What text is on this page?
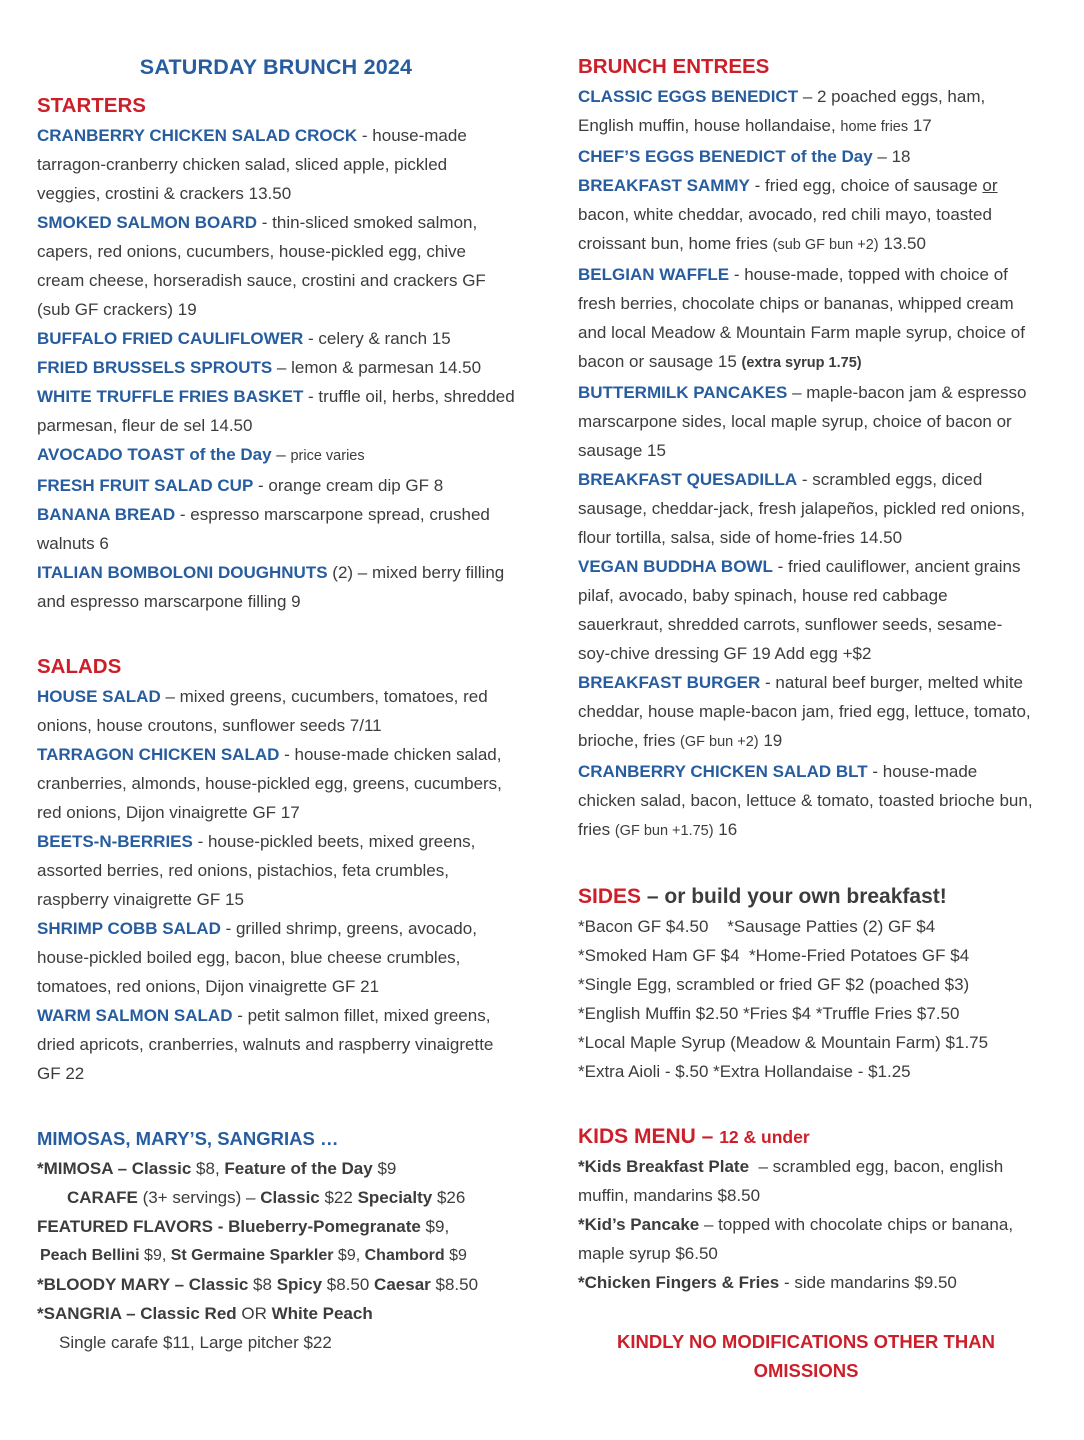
SATURDAY BRUNCH 2024
STARTERS
CRANBERRY CHICKEN SALAD CROCK - house-made tarragon-cranberry chicken salad, sliced apple, pickled veggies, crostini & crackers 13.50
SMOKED SALMON BOARD - thin-sliced smoked salmon, capers, red onions, cucumbers, house-pickled egg, chive cream cheese, horseradish sauce, crostini and crackers GF (sub GF crackers) 19
BUFFALO FRIED CAULIFLOWER - celery & ranch 15
FRIED BRUSSELS SPROUTS – lemon & parmesan 14.50
WHITE TRUFFLE FRIES BASKET - truffle oil, herbs, shredded parmesan, fleur de sel 14.50
AVOCADO TOAST of the Day – price varies
FRESH FRUIT SALAD CUP - orange cream dip GF 8
BANANA BREAD - espresso marscarpone spread, crushed walnuts 6
ITALIAN BOMBOLONI DOUGHNUTS (2) – mixed berry filling and espresso marscarpone filling 9
SALADS
HOUSE SALAD – mixed greens, cucumbers, tomatoes, red onions, house croutons, sunflower seeds 7/11
TARRAGON CHICKEN SALAD - house-made chicken salad, cranberries, almonds, house-pickled egg, greens, cucumbers, red onions, Dijon vinaigrette GF 17
BEETS-N-BERRIES - house-pickled beets, mixed greens, assorted berries, red onions, pistachios, feta crumbles, raspberry vinaigrette GF 15
SHRIMP COBB SALAD - grilled shrimp, greens, avocado, house-pickled boiled egg, bacon, blue cheese crumbles, tomatoes, red onions, Dijon vinaigrette GF 21
WARM SALMON SALAD - petit salmon fillet, mixed greens, dried apricots, cranberries, walnuts and raspberry vinaigrette GF 22
MIMOSAS, MARY’S, SANGRIAS …
*MIMOSA – Classic $8, Feature of the Day $9
CARAFE (3+ servings) – Classic $22 Specialty $26
FEATURED FLAVORS - Blueberry-Pomegranate $9,
Peach Bellini $9, St Germaine Sparkler $9, Chambord $9
*BLOODY MARY – Classic $8 Spicy $8.50 Caesar $8.50
*SANGRIA – Classic Red OR White Peach
Single carafe $11, Large pitcher $22
BRUNCH ENTREES
CLASSIC EGGS BENEDICT – 2 poached eggs, ham, English muffin, house hollandaise, home fries 17
CHEF’S EGGS BENEDICT of the Day – 18
BREAKFAST SAMMY - fried egg, choice of sausage or bacon, white cheddar, avocado, red chili mayo, toasted croissant bun, home fries (sub GF bun +2) 13.50
BELGIAN WAFFLE - house-made, topped with choice of fresh berries, chocolate chips or bananas, whipped cream and local Meadow & Mountain Farm maple syrup, choice of bacon or sausage 15 (extra syrup 1.75)
BUTTERMILK PANCAKES – maple-bacon jam & espresso marscarpone sides, local maple syrup, choice of bacon or sausage 15
BREAKFAST QUESADILLA - scrambled eggs, diced sausage, cheddar-jack, fresh jalapeños, pickled red onions, flour tortilla, salsa, side of home-fries 14.50
VEGAN BUDDHA BOWL - fried cauliflower, ancient grains pilaf, avocado, baby spinach, house red cabbage sauerkraut, shredded carrots, sunflower seeds, sesame-soy-chive dressing GF 19 Add egg +$2
BREAKFAST BURGER - natural beef burger, melted white cheddar, house maple-bacon jam, fried egg, lettuce, tomato, brioche, fries (GF bun +2) 19
CRANBERRY CHICKEN SALAD BLT - house-made chicken salad, bacon, lettuce & tomato, toasted brioche bun, fries (GF bun +1.75) 16
SIDES – or build your own breakfast!
*Bacon GF $4.50    *Sausage Patties (2) GF $4
*Smoked Ham GF $4  *Home-Fried Potatoes GF $4
*Single Egg, scrambled or fried GF $2 (poached $3)
*English Muffin $2.50 *Fries $4 *Truffle Fries $7.50
*Local Maple Syrup (Meadow & Mountain Farm) $1.75
*Extra Aioli - $.50 *Extra Hollandaise - $1.25
KIDS MENU – 12 & under
*Kids Breakfast Plate  – scrambled egg, bacon, english muffin, mandarins $8.50
*Kid’s Pancake – topped with chocolate chips or banana, maple syrup $6.50
*Chicken Fingers & Fries - side mandarins $9.50
KINDLY NO MODIFICATIONS OTHER THAN OMISSIONS
